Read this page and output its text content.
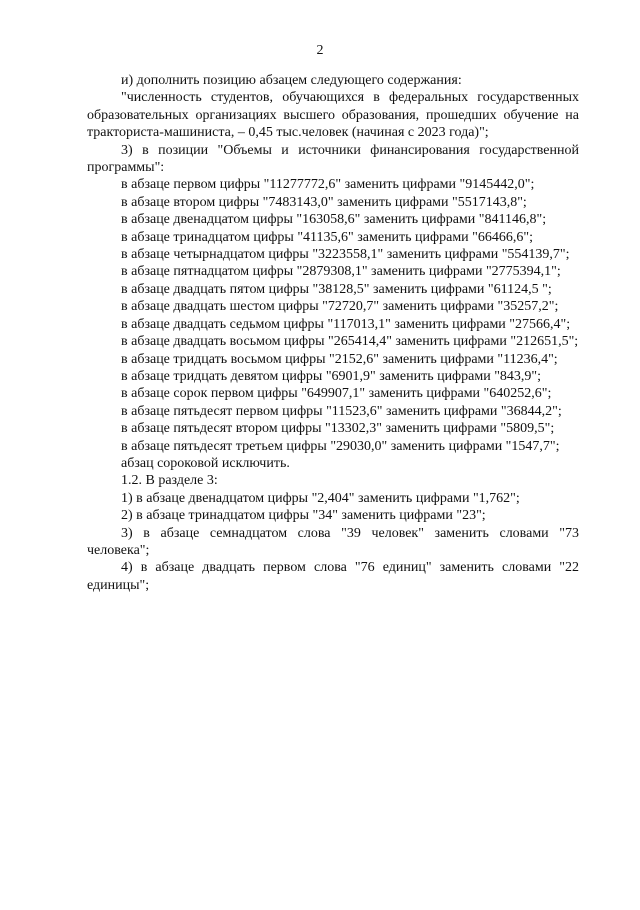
2

и) дополнить позицию абзацем следующего содержания:

"численность студентов, обучающихся в федеральных государственных образовательных организациях высшего образования, прошедших обучение на тракториста-машиниста, – 0,45 тыс.человек (начиная с 2023 года)";

3) в позиции "Объемы и источники финансирования государственной программы":

в абзаце первом цифры "11277772,6" заменить цифрами "9145442,0";

в абзаце втором цифры "7483143,0" заменить цифрами "5517143,8";

в абзаце двенадцатом цифры "163058,6" заменить цифрами "841146,8";

в абзаце тринадцатом цифры "41135,6" заменить цифрами "66466,6";

в абзаце четырнадцатом цифры "3223558,1" заменить цифрами "554139,7";

в абзаце пятнадцатом цифры "2879308,1" заменить цифрами "2775394,1";

в абзаце двадцать пятом цифры "38128,5" заменить цифрами "61124,5 ";

в абзаце двадцать шестом цифры "72720,7" заменить цифрами "35257,2";

в абзаце двадцать седьмом цифры "117013,1" заменить цифрами "27566,4";

в абзаце двадцать восьмом цифры "265414,4" заменить цифрами "212651,5";

в абзаце тридцать восьмом цифры "2152,6" заменить цифрами "11236,4";

в абзаце тридцать девятом цифры "6901,9" заменить цифрами "843,9";

в абзаце сорок первом цифры "649907,1" заменить цифрами "640252,6";

в абзаце пятьдесят первом цифры "11523,6" заменить цифрами "36844,2";

в абзаце пятьдесят втором цифры "13302,3" заменить цифрами "5809,5";

в абзаце пятьдесят третьем цифры "29030,0" заменить цифрами "1547,7";

абзац сороковой исключить.

1.2. В разделе 3:

1) в абзаце двенадцатом цифры "2,404" заменить цифрами "1,762";

2) в абзаце тринадцатом цифры "34" заменить цифрами "23";

3) в абзаце семнадцатом слова "39 человек" заменить словами "73 человека";

4) в абзаце двадцать первом слова "76 единиц" заменить словами "22 единицы";
